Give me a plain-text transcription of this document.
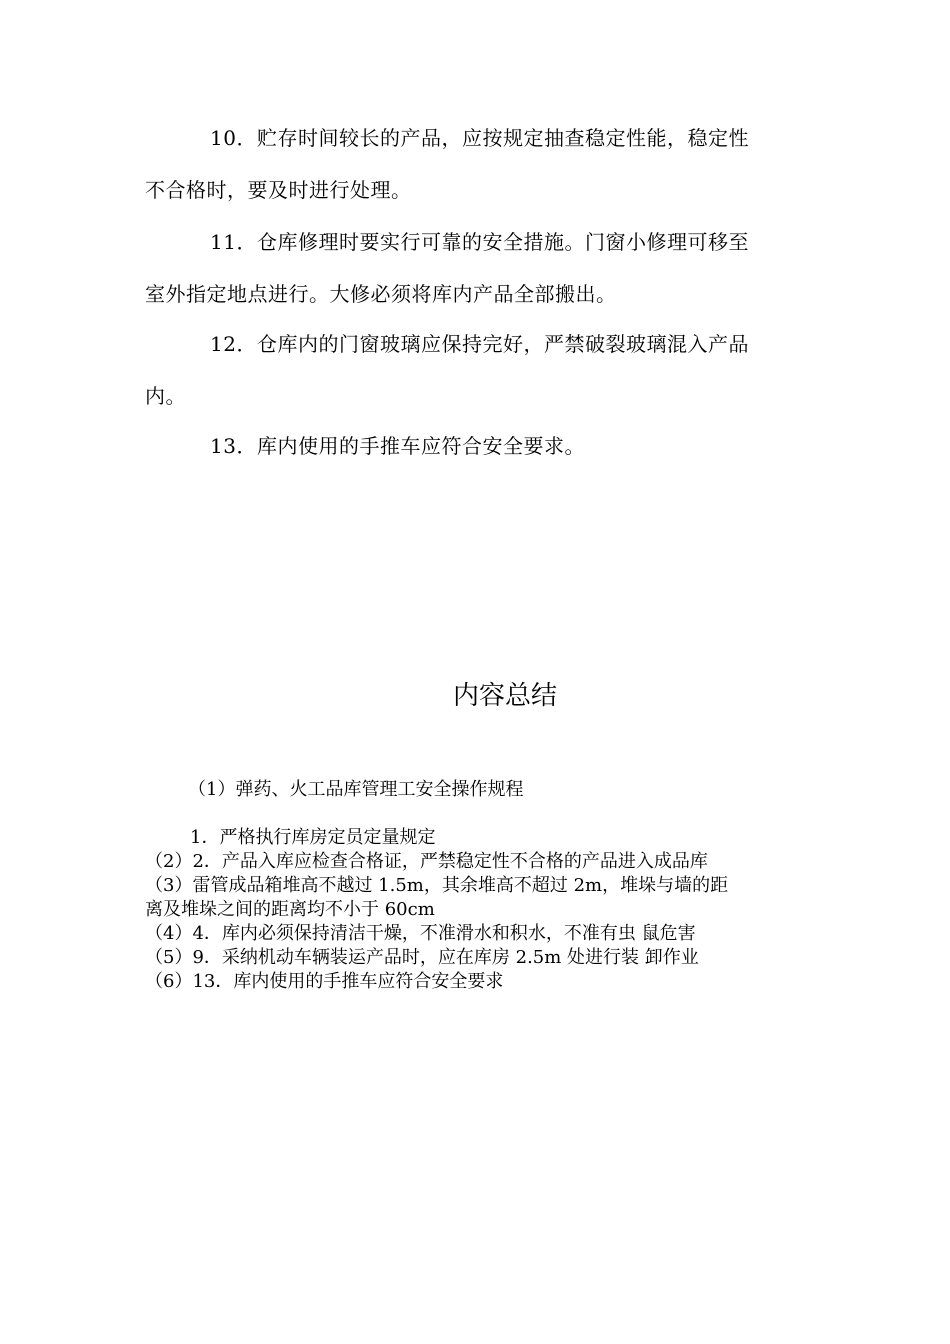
10．贮存时间较长的产品，应按规定抽查稳定性能，稳定性
不合格时，要及时进行处理。
11．仓库修理时要实行可靠的安全措施。门窗小修理可移至
室外指定地点进行。大修必须将库内产品全部搬出。
12．仓库内的门窗玻璃应保持完好，严禁破裂玻璃混入产品
内。
13．库内使用的手推车应符合安全要求。
内容总结
（1）弹药、火工品库管理工安全操作规程
1．严格执行库房定员定量规定
（2）2．产品入库应检查合格证，严禁稳定性不合格的产品进入成品库
（3）雷管成品箱堆高不越过 1.5m，其余堆高不超过 2m，堆垛与墙的距
离及堆垛之间的距离均不小于 60cm
（4）4．库内必须保持清洁干燥，不准滑水和积水，不准有虫 鼠危害
（5）9．采纳机动车辆装运产品时，应在库房 2.5m 处进行装 卸作业
（6）13．库内使用的手推车应符合安全要求
